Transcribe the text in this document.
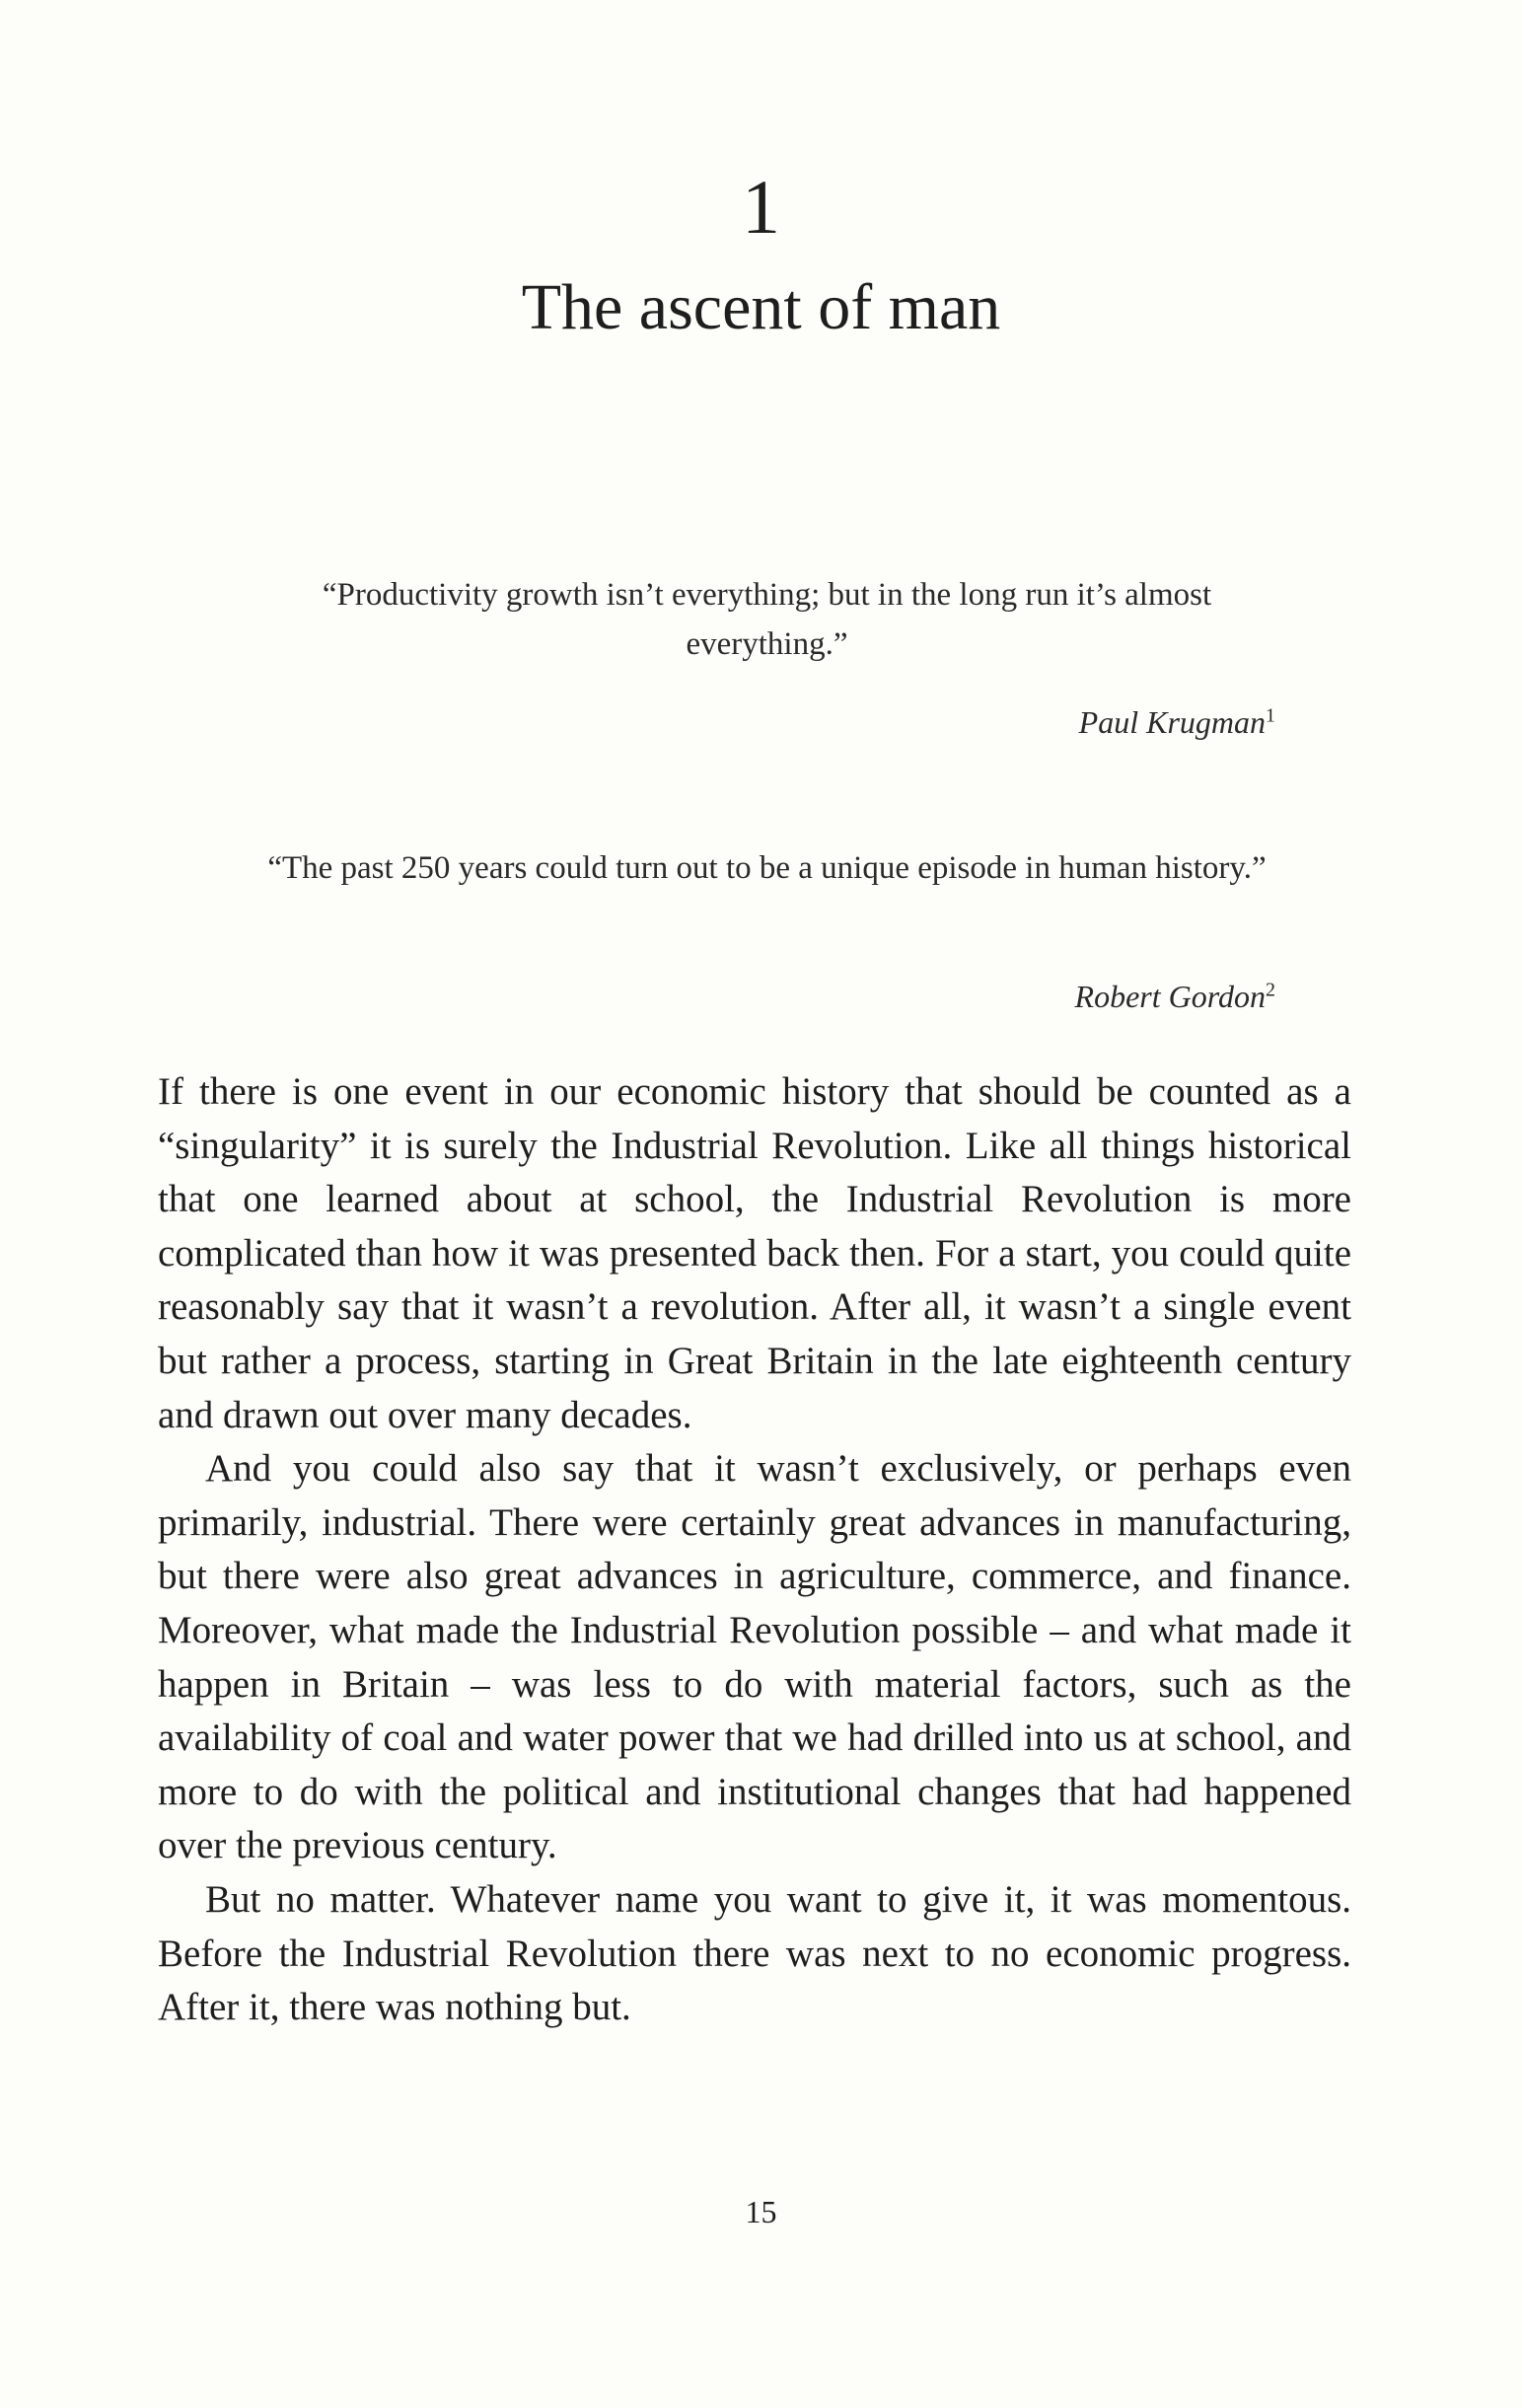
1
The ascent of man
“Productivity growth isn’t everything; but in the long run it’s almost everything.”
Paul Krugman$^1$
“The past 250 years could turn out to be a unique episode in human history.”
Robert Gordon$^2$

If there is one event in our economic history that should be counted as a “singularity” it is surely the Industrial Revolution. Like all things historical that one learned about at school, the Industrial Revolution is more complicated than how it was presented back then. For a start, you could quite reasonably say that it wasn’t a revolution. After all, it wasn’t a single event but rather a process, starting in Great Britain in the late eighteenth century and drawn out over many decades.

And you could also say that it wasn’t exclusively, or perhaps even primarily, industrial. There were certainly great advances in manufacturing, but there were also great advances in agriculture, commerce, and finance. Moreover, what made the Industrial Revolution possible – and what made it happen in Britain – was less to do with material factors, such as the availability of coal and water power that we had drilled into us at school, and more to do with the political and institutional changes that had happened over the previous century.

But no matter. Whatever name you want to give it, it was momentous. Before the Industrial Revolution there was next to no economic progress. After it, there was nothing but.

15
